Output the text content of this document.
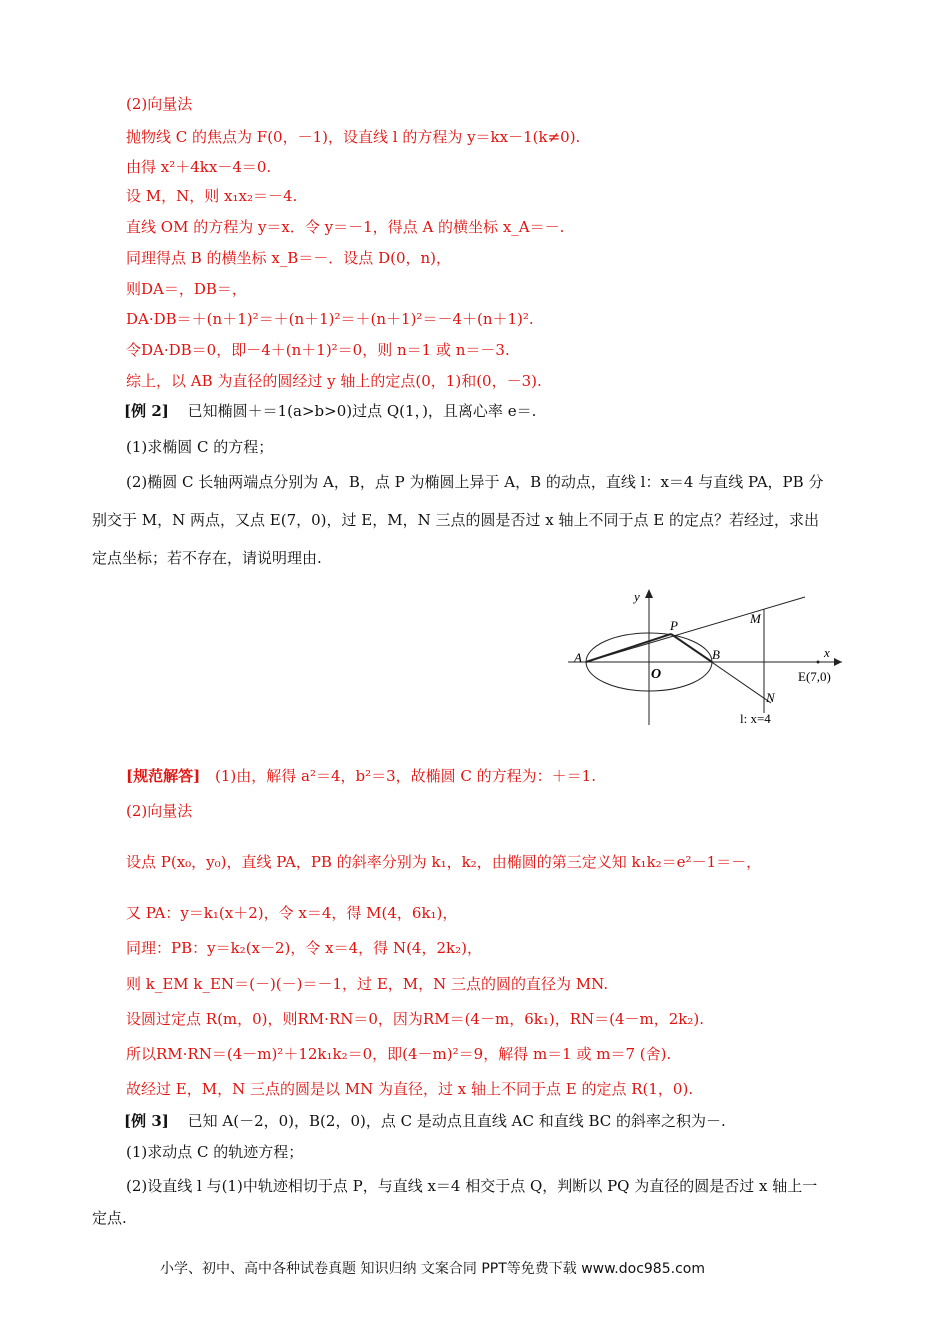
(2)向量法
抛物线 C 的焦点为 F(0，－1)，设直线 l 的方程为 y＝kx－1(k≠0).
由得 x²＋4kx－4＝0.
设 M，N，则 x₁x₂＝－4.
直线 OM 的方程为 y＝x．令 y＝－1，得点 A 的横坐标 x_A＝－.
同理得点 B 的横坐标 x_B＝－．设点 D(0，n)，
则DA＝，DB＝，
DA·DB＝＋(n＋1)²＝＋(n＋1)²＝＋(n＋1)²＝－4＋(n＋1)².
令DA·DB＝0，即－4＋(n＋1)²＝0，则 n＝1 或 n＝－3.
综上，以 AB 为直径的圆经过 y 轴上的定点(0，1)和(0，－3).
[例 2] 已知椭圆＋＝1(a>b>0)过点 Q(1，)，且离心率 e＝.
(1)求椭圆 C 的方程；
(2)椭圆 C 长轴两端点分别为 A，B，点 P 为椭圆上异于 A，B 的动点，直线 l：x＝4 与直线 PA，PB 分
别交于 M，N 两点，又点 E(7，0)，过 E，M，N 三点的圆是否过 x 轴上不同于点 E 的定点？若经过，求出
定点坐标；若不存在，请说明理由.
y
x
P	M
A	B
O
N
E(7,0)
l: x=4
[规范解答] (1)由，解得 a²＝4，b²＝3，故椭圆 C 的方程为：＋＝1.
(2)向量法
设点 P(x₀，y₀)，直线 PA，PB 的斜率分别为 k₁，k₂，由椭圆的第三定义知 k₁k₂＝e²－1＝－，
又 PA：y＝k₁(x＋2)，令 x＝4，得 M(4，6k₁)，
同理：PB：y＝k₂(x－2)，令 x＝4，得 N(4，2k₂)，
则 k_EM k_EN＝(－)(－)＝－1，过 E，M，N 三点的圆的直径为 MN.
设圆过定点 R(m，0)，则RM·RN＝0，因为RM＝(4－m，6k₁)，RN＝(4－m，2k₂).
所以RM·RN＝(4－m)²＋12k₁k₂＝0，即(4－m)²＝9，解得 m＝1 或 m＝7 (舍).
故经过 E，M，N 三点的圆是以 MN 为直径，过 x 轴上不同于点 E 的定点 R(1，0).
[例 3] 已知 A(－2，0)，B(2，0)，点 C 是动点且直线 AC 和直线 BC 的斜率之积为－.
(1)求动点 C 的轨迹方程；
(2)设直线 l 与(1)中轨迹相切于点 P，与直线 x＝4 相交于点 Q，判断以 PQ 为直径的圆是否过 x 轴上一
定点.
小学、初中、高中各种试卷真题 知识归纳 文案合同 PPT等免费下载 www.doc985.com
